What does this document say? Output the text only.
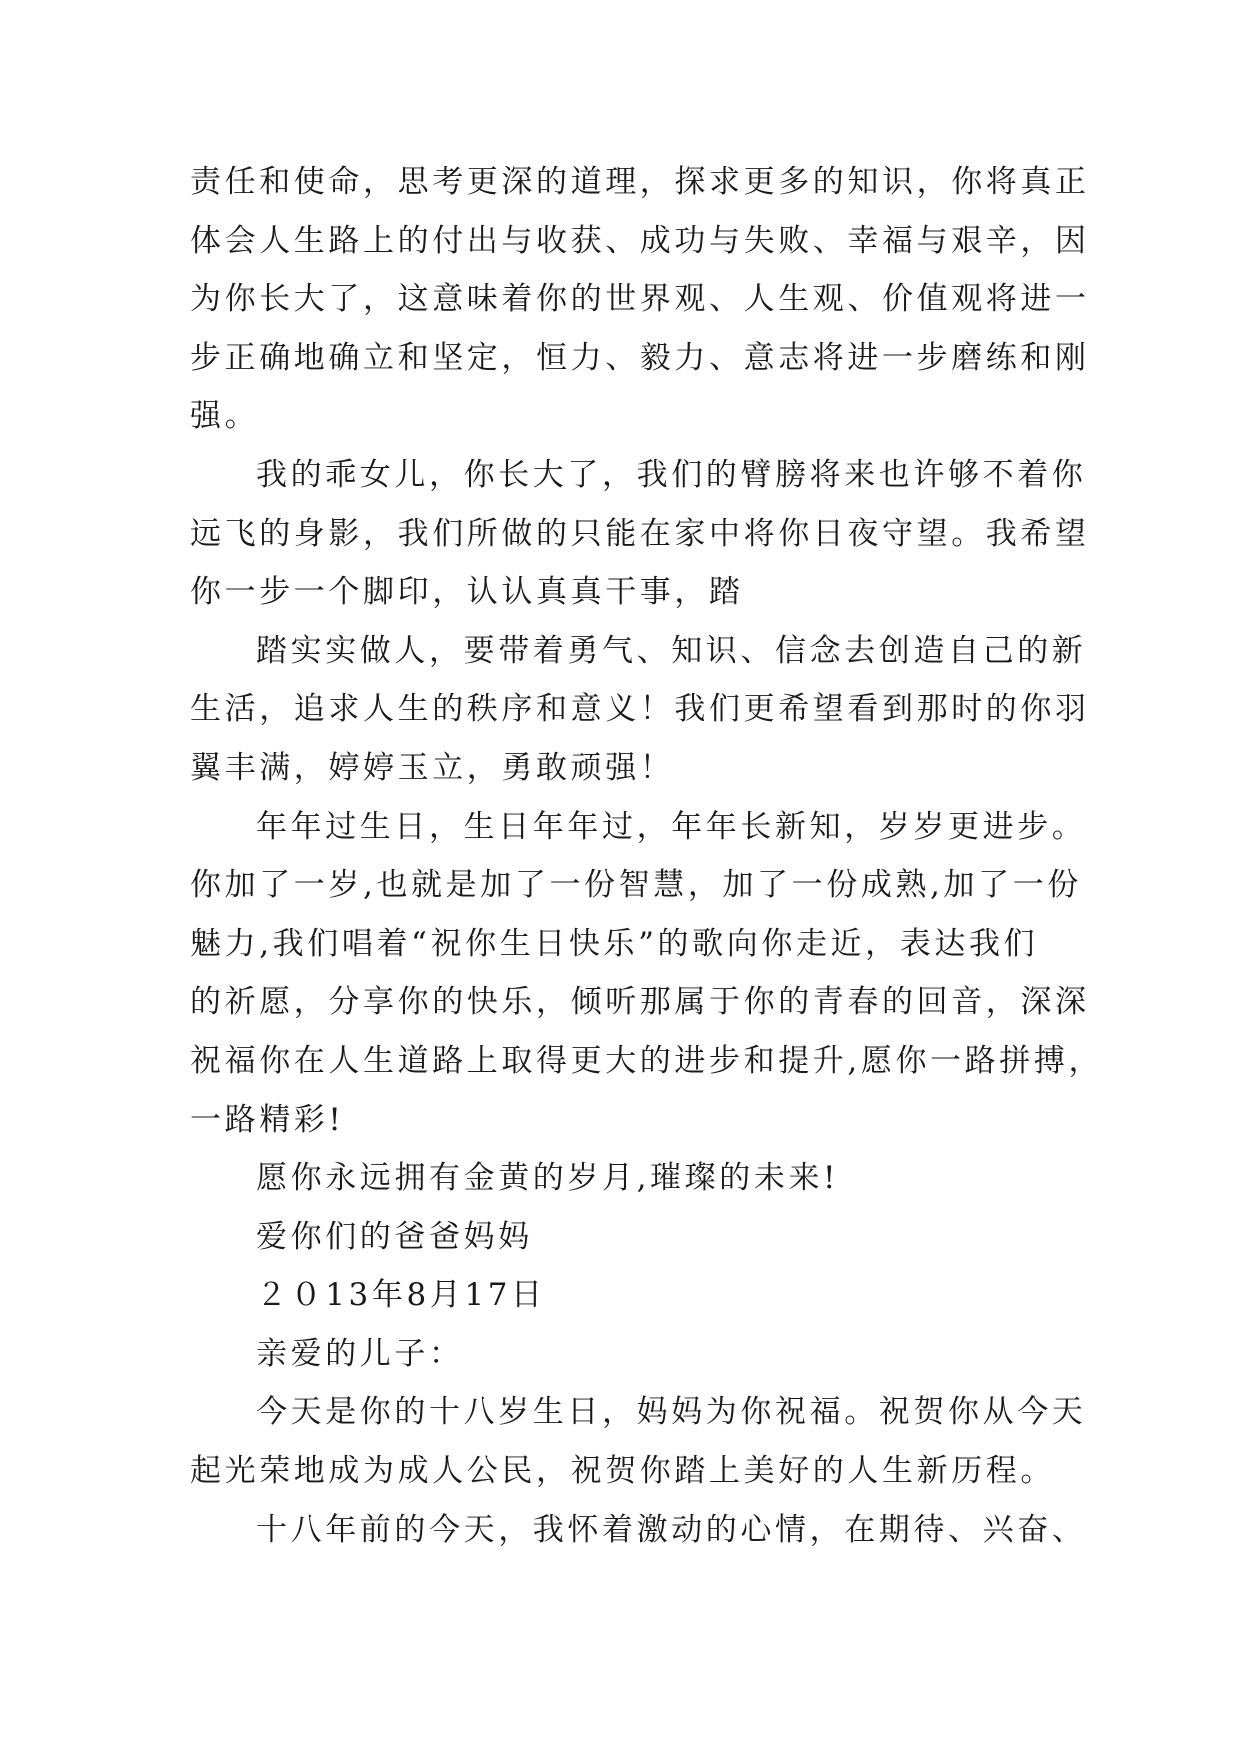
责任和使命，思考更深的道理，探求更多的知识，你将真正
体会人生路上的付出与收获、成功与失败、幸福与艰辛，因
为你长大了，这意味着你的世界观、人生观、价值观将进一
步正确地确立和坚定，恒力、毅力、意志将进一步磨练和刚
强。
我的乖女儿，你长大了，我们的臂膀将来也许够不着你
远飞的身影，我们所做的只能在家中将你日夜守望。我希望
你一步一个脚印，认认真真干事，踏
踏实实做人，要带着勇气、知识、信念去创造自己的新
生活，追求人生的秩序和意义！我们更希望看到那时的你羽
翼丰满，婷婷玉立，勇敢顽强！
年年过生日，生日年年过，年年长新知，岁岁更进步。
你加了一岁,也就是加了一份智慧，加了一份成熟,加了一份
魅力,我们唱着“祝你生日快乐”的歌向你走近，表达我们
的祈愿，分享你的快乐，倾听那属于你的青春的回音，深深
祝福你在人生道路上取得更大的进步和提升,愿你一路拼搏，
一路精彩!
愿你永远拥有金黄的岁月,璀璨的未来!
爱你们的爸爸妈妈
２０13年8月17日
亲爱的儿子：
今天是你的十八岁生日，妈妈为你祝福。祝贺你从今天
起光荣地成为成人公民，祝贺你踏上美好的人生新历程。
十八年前的今天，我怀着激动的心情，在期待、兴奋、
